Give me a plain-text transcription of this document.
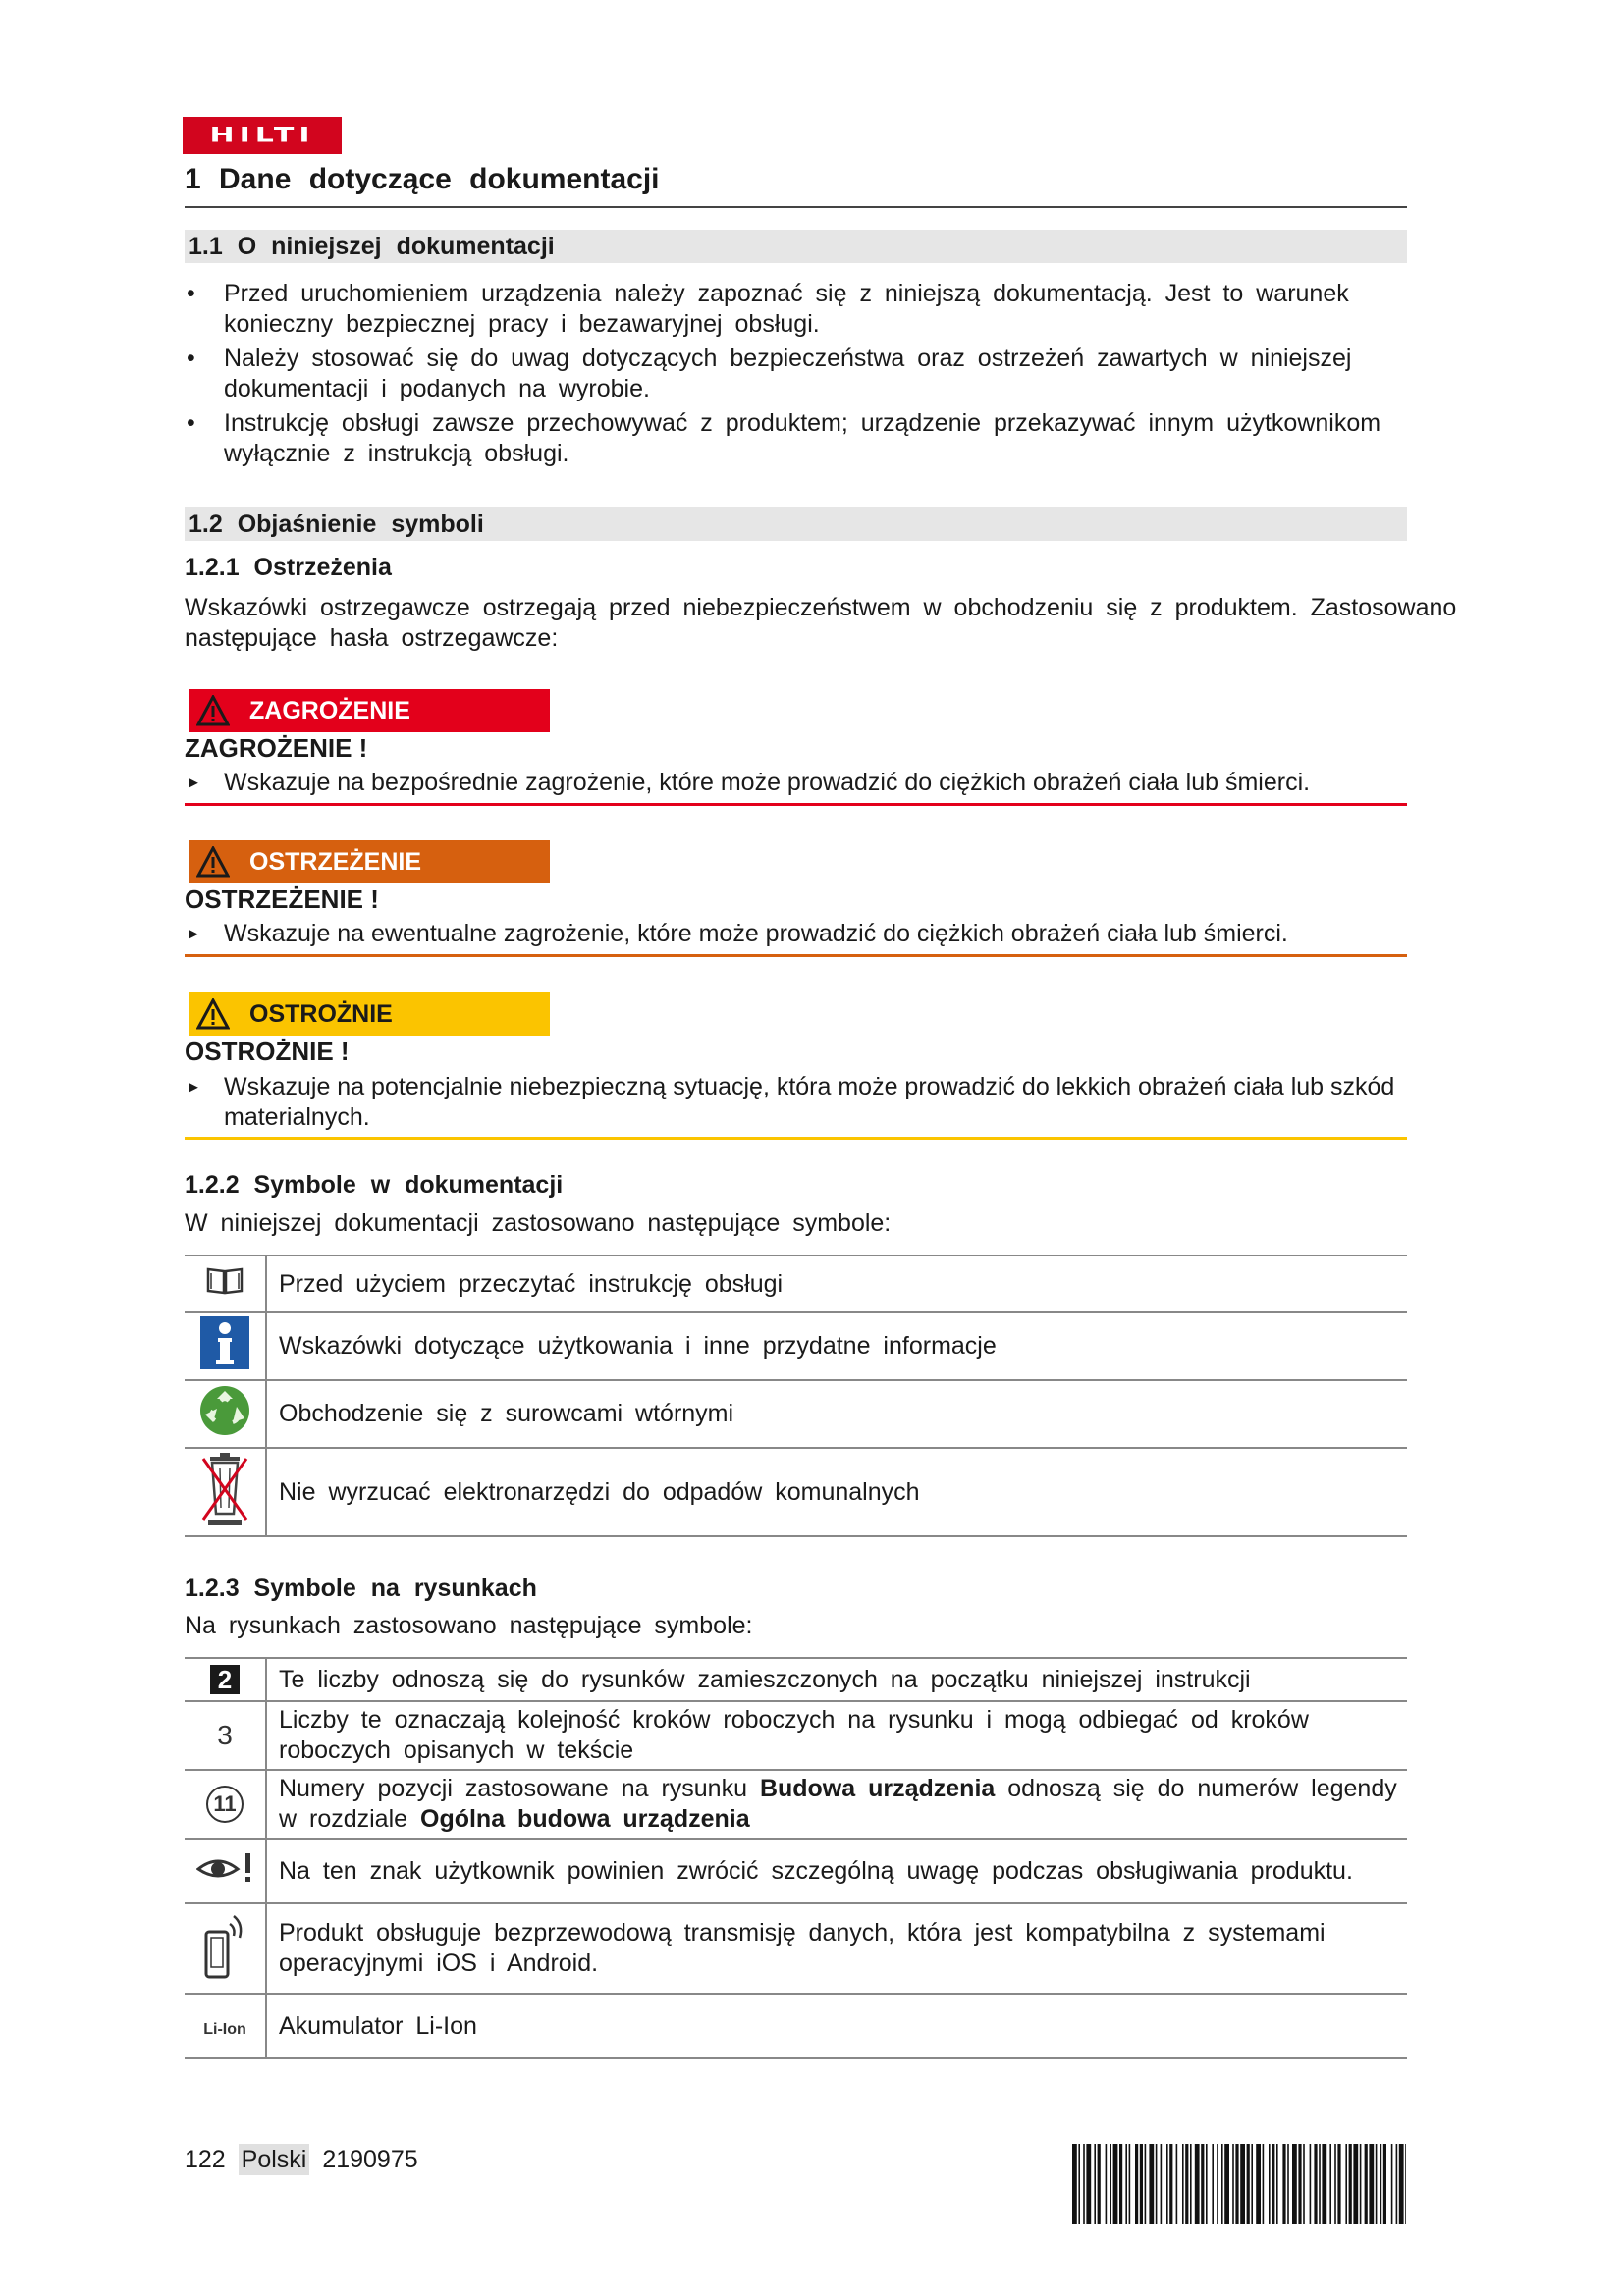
HILTI
1 Dane dotyczące dokumentacji
1.1 O niniejszej dokumentacji
• Przed uruchomieniem urządzenia należy zapoznać się z niniejszą dokumentacją. Jest to warunek konieczny bezpiecznej pracy i bezawaryjnej obsługi.
• Należy stosować się do uwag dotyczących bezpieczeństwa oraz ostrzeżeń zawartych w niniejszej dokumentacji i podanych na wyrobie.
• Instrukcję obsługi zawsze przechowywać z produktem; urządzenie przekazywać innym użytkownikom wyłącznie z instrukcją obsługi.
1.2 Objaśnienie symboli
1.2.1 Ostrzeżenia
Wskazówki ostrzegawcze ostrzegają przed niebezpieczeństwem w obchodzeniu się z produktem. Zastosowano następujące hasła ostrzegawcze:
ZAGROŻENIE
ZAGROŻENIE !
► Wskazuje na bezpośrednie zagrożenie, które może prowadzić do ciężkich obrażeń ciała lub śmierci.
OSTRZEŻENIE
OSTRZEŻENIE !
► Wskazuje na ewentualne zagrożenie, które może prowadzić do ciężkich obrażeń ciała lub śmierci.
OSTROŻNIE
OSTROŻNIE !
► Wskazuje na potencjalnie niebezpieczną sytuację, która może prowadzić do lekkich obrażeń ciała lub szkód materialnych.
1.2.2 Symbole w dokumentacji
W niniejszej dokumentacji zastosowano następujące symbole:
	Przed użyciem przeczytać instrukcję obsługi
	Wskazówki dotyczące użytkowania i inne przydatne informacje
	Obchodzenie się z surowcami wtórnymi
	Nie wyrzucać elektronarzędzi do odpadów komunalnych
1.2.3 Symbole na rysunkach
Na rysunkach zastosowano następujące symbole:
2	Te liczby odnoszą się do rysunków zamieszczonych na początku niniejszej instrukcji
3	Liczby te oznaczają kolejność kroków roboczych na rysunku i mogą odbiegać od kroków roboczych opisanych w tekście
11	Numery pozycji zastosowane na rysunku Budowa urządzenia odnoszą się do numerów legendy w rozdziale Ogólna budowa urządzenia
	Na ten znak użytkownik powinien zwrócić szczególną uwagę podczas obsługiwania produktu.
	Produkt obsługuje bezprzewodową transmisję danych, która jest kompatybilna z systemami operacyjnymi iOS i Android.
Li-Ion	Akumulator Li-Ion
122 Polski 2190975
